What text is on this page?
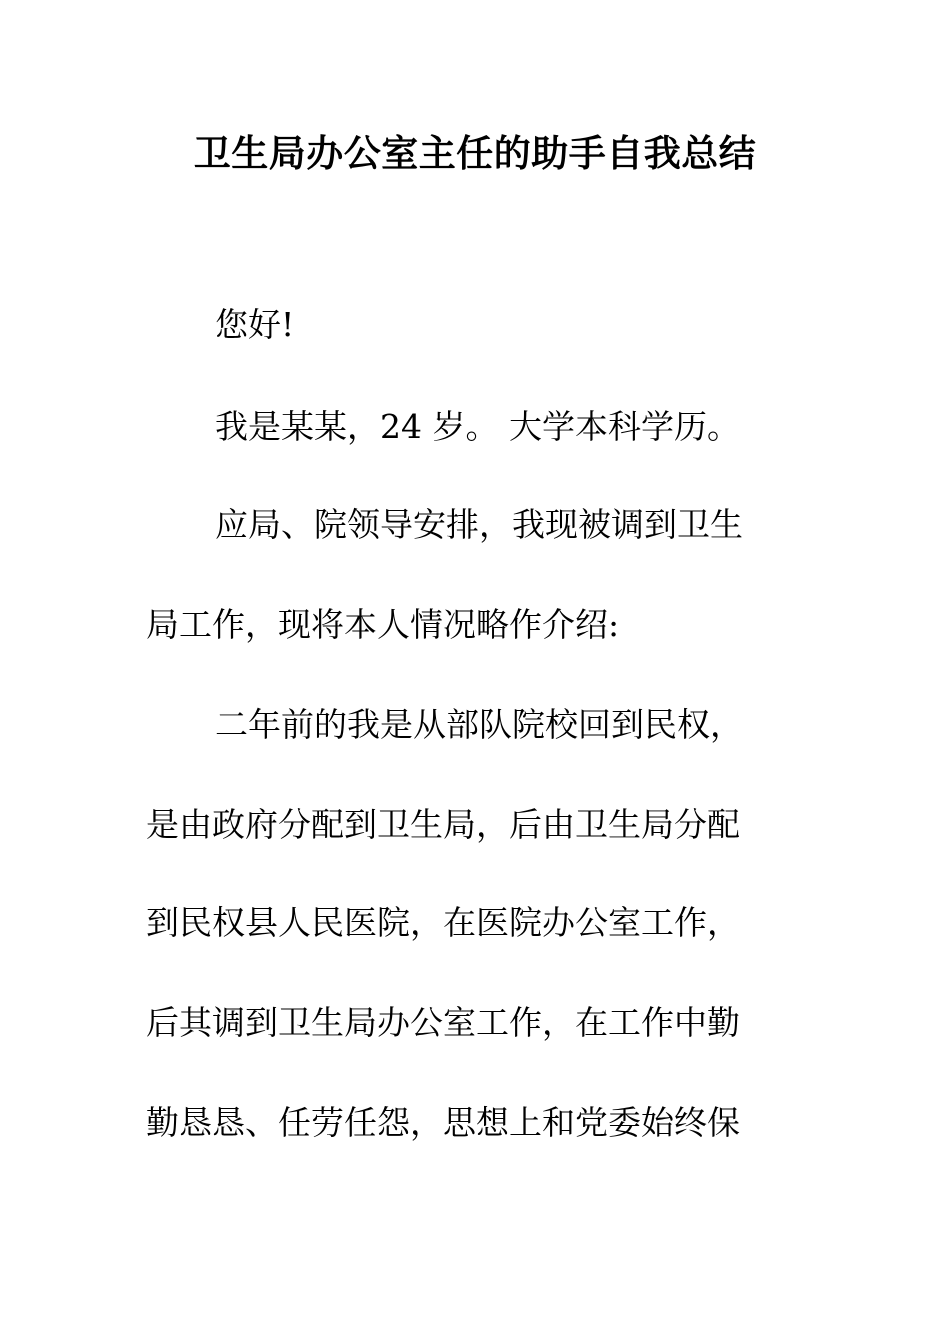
卫生局办公室主任的助手自我总结
您好!
我是某某，24 岁。 大学本科学历。
应局、院领导安排，我现被调到卫生
局工作，现将本人情况略作介绍:
二年前的我是从部队院校回到民权，
是由政府分配到卫生局，后由卫生局分配
到民权县人民医院，在医院办公室工作，
后其调到卫生局办公室工作，在工作中勤
勤恳恳、任劳任怨，思想上和党委始终保
